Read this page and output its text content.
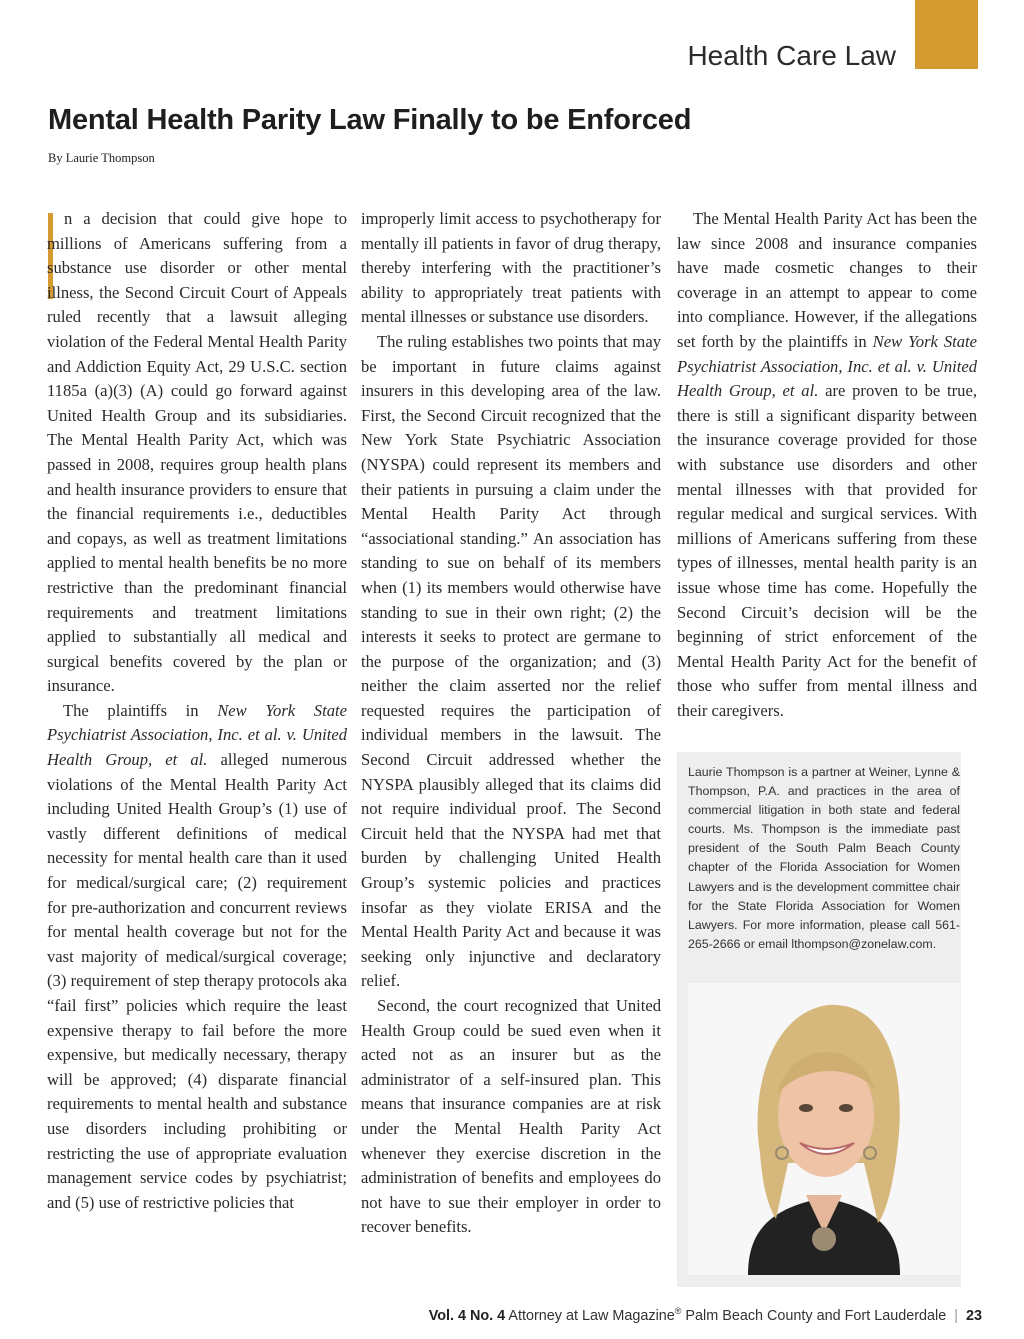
Health Care Law
Mental Health Parity Law Finally to be Enforced
By Laurie Thompson

n a decision that could give hope to millions of Americans suffering from a substance use disorder or other mental illness, the Second Circuit Court of Appeals ruled recently that a lawsuit alleging violation of the Federal Mental Health Parity and Addiction Equity Act, 29 U.S.C. section 1185a (a)(3) (A) could go forward against United Health Group and its subsidiaries. The Mental Health Parity Act, which was passed in 2008, requires group health plans and health insurance providers to ensure that the financial requirements i.e., deductibles and copays, as well as treatment limitations applied to mental health benefits be no more restrictive than the predominant financial requirements and treatment limitations applied to substantially all medical and surgical benefits covered by the plan or insurance.

The plaintiffs in New York State Psychiatrist Association, Inc. et al. v. United Health Group, et al. alleged numerous violations of the Mental Health Parity Act including United Health Group’s (1) use of vastly different definitions of medical necessity for mental health care than it used for medical/surgical care; (2) requirement for pre-authorization and concurrent reviews for mental health coverage but not for the vast majority of medical/surgical coverage; (3) requirement of step therapy protocols aka “fail first” policies which require the least expensive therapy to fail before the more expensive, but medically necessary, therapy will be approved; (4) disparate financial requirements to mental health and substance use disorders including prohibiting or restricting the use of appropriate evaluation management service codes by psychiatrist; and (5) use of restrictive policies that

improperly limit access to psychotherapy for mentally ill patients in favor of drug therapy, thereby interfering with the practitioner’s ability to appropriately treat patients with mental illnesses or substance use disorders.

The ruling establishes two points that may be important in future claims against insurers in this developing area of the law. First, the Second Circuit recognized that the New York State Psychiatric Association (NYSPA) could represent its members and their patients in pursuing a claim under the Mental Health Parity Act through “associational standing.” An association has standing to sue on behalf of its members when (1) its members would otherwise have standing to sue in their own right; (2) the interests it seeks to protect are germane to the purpose of the organization; and (3) neither the claim asserted nor the relief requested requires the participation of individual members in the lawsuit. The Second Circuit addressed whether the NYSPA plausibly alleged that its claims did not require individual proof. The Second Circuit held that the NYSPA had met that burden by challenging United Health Group’s systemic policies and practices insofar as they violate ERISA and the Mental Health Parity Act and because it was seeking only injunctive and declaratory relief.

Second, the court recognized that United Health Group could be sued even when it acted not as an insurer but as the administrator of a self-insured plan. This means that insurance companies are at risk under the Mental Health Parity Act whenever they exercise discretion in the administration of benefits and employees do not have to sue their employer in order to recover benefits.

The Mental Health Parity Act has been the law since 2008 and insurance companies have made cosmetic changes to their coverage in an attempt to appear to come into compliance. However, if the allegations set forth by the plaintiffs in New York State Psychiatrist Association, Inc. et al. v. United Health Group, et al. are proven to be true, there is still a significant disparity between the insurance coverage provided for those with substance use disorders and other mental illnesses with that provided for regular medical and surgical services. With millions of Americans suffering from these types of illnesses, mental health parity is an issue whose time has come. Hopefully the Second Circuit’s decision will be the beginning of strict enforcement of the Mental Health Parity Act for the benefit of those who suffer from mental illness and their caregivers.

Laurie Thompson is a partner at Weiner, Lynne & Thompson, P.A. and practices in the area of commercial litigation in both state and federal courts. Ms. Thompson is the immediate past president of the South Palm Beach County chapter of the Florida Association for Women Lawyers and is the development committee chair for the State Florida Association for Women Lawyers. For more information, please call 561-265-2666 or email lthompson@zonelaw.com.
Vol. 4 No. 4 Attorney at Law Magazine® Palm Beach County and Fort Lauderdale | 23
